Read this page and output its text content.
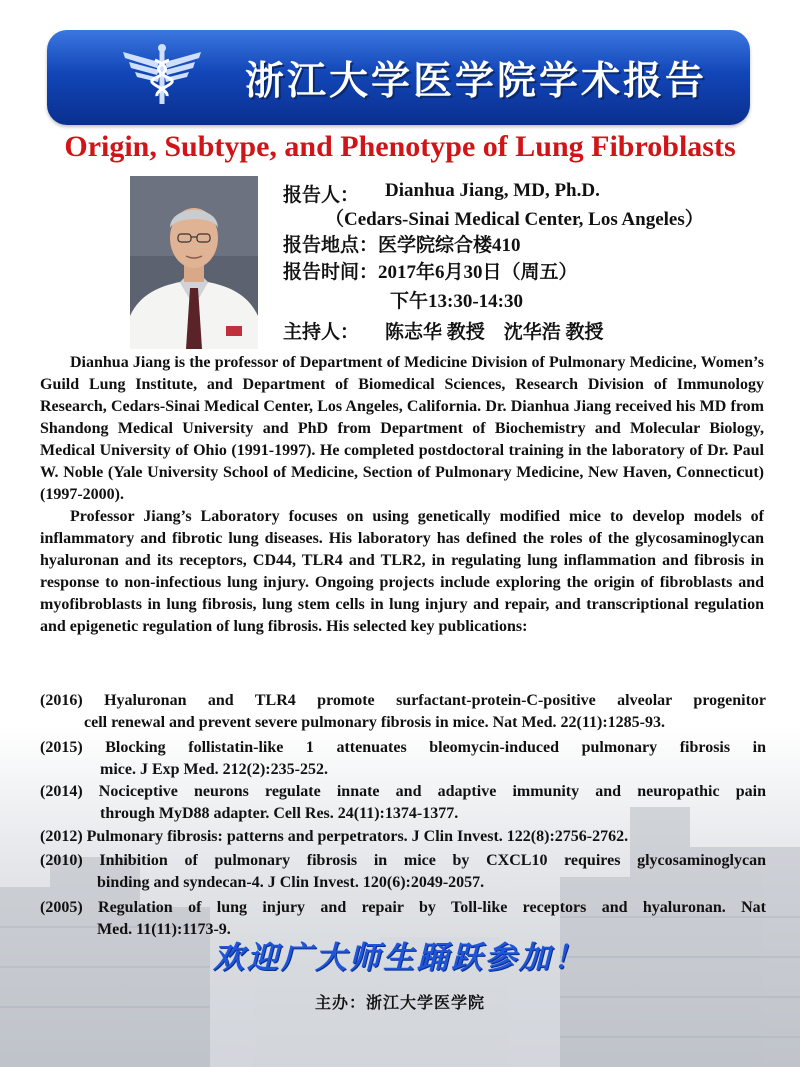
浙江大学医学院学术报告
Origin, Subtype, and Phenotype of Lung Fibroblasts
报告人： Dianhua Jiang, MD, Ph.D.
（Cedars-Sinai Medical Center, Los Angeles）
报告地点： 医学院综合楼410
报告时间： 2017年6月30日（周五）
下午13:30-14:30
主持人： 陈志华 教授　沈华浩 教授

Dianhua Jiang is the professor of Department of Medicine Division of Pulmonary Medicine, Women’s Guild Lung Institute, and Department of Biomedical Sciences, Research Division of Immunology Research, Cedars-Sinai Medical Center, Los Angeles, California. Dr. Dianhua Jiang received his MD from Shandong Medical University and PhD from Department of Biochemistry and Molecular Biology, Medical University of Ohio (1991-1997). He completed postdoctoral training in the laboratory of Dr. Paul W. Noble (Yale University School of Medicine, Section of Pulmonary Medicine, New Haven, Connecticut)(1997-2000).

Professor Jiang’s Laboratory focuses on using genetically modified mice to develop models of inflammatory and fibrotic lung diseases. His laboratory has defined the roles of the glycosaminoglycan hyaluronan and its receptors, CD44, TLR4 and TLR2, in regulating lung inflammation and fibrosis in response to non-infectious lung injury. Ongoing projects include exploring the origin of fibroblasts and myofibroblasts in lung fibrosis, lung stem cells in lung injury and repair, and transcriptional regulation and epigenetic regulation of lung fibrosis. His selected key publications:

(2016) Hyaluronan and TLR4 promote surfactant-protein-C-positive alveolar progenitor
cell renewal and prevent severe pulmonary fibrosis in mice. Nat Med. 22(11):1285-93.
(2015) Blocking follistatin-like 1 attenuates bleomycin-induced pulmonary fibrosis in
mice. J Exp Med. 212(2):235-252.
(2014) Nociceptive neurons regulate innate and adaptive immunity and neuropathic pain
through MyD88 adapter. Cell Res. 24(11):1374-1377.
(2012) Pulmonary fibrosis: patterns and perpetrators. J Clin Invest. 122(8):2756-2762.
(2010) Inhibition of pulmonary fibrosis in mice by CXCL10 requires glycosaminoglycan
binding and syndecan-4. J Clin Invest. 120(6):2049-2057.
(2005) Regulation of lung injury and repair by Toll-like receptors and hyaluronan. Nat
Med. 11(11):1173-9.
欢迎广大师生踊跃参加！
主办：浙江大学医学院
